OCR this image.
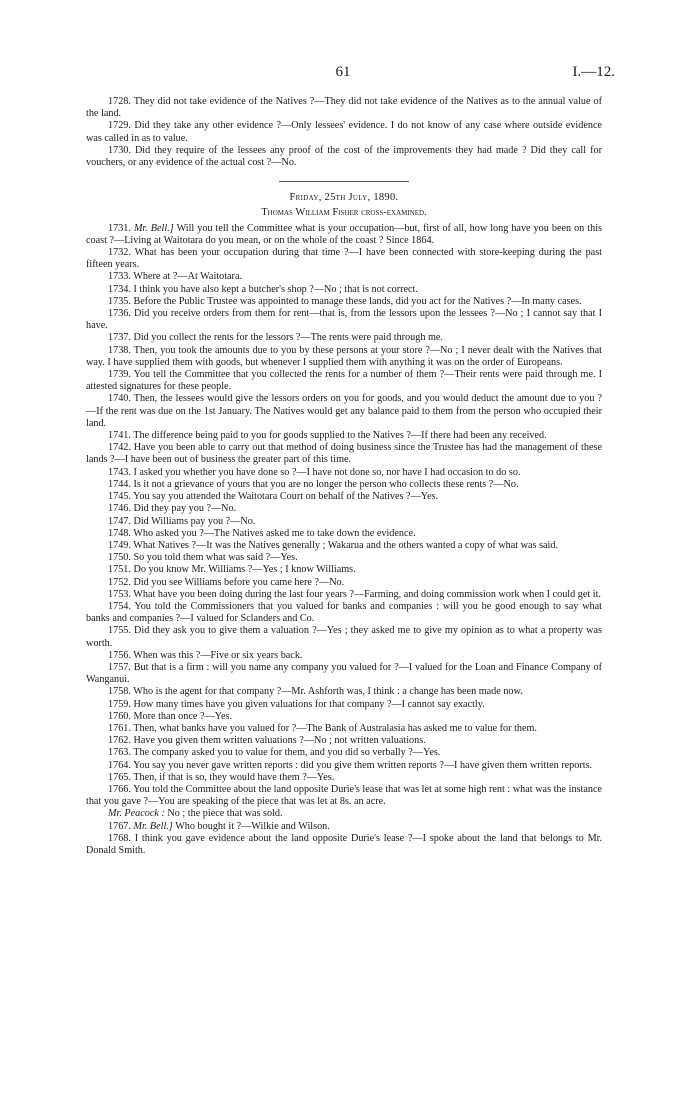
61	I.—12.

1728. They did not take evidence of the Natives ?—They did not take evidence of the Natives as to the annual value of the land.

1729. Did they take any other evidence ?—Only lessees' evidence. I do not know of any case where outside evidence was called in as to value.

1730. Did they require of the lessees any proof of the cost of the improvements they had made ? Did they call for vouchers, or any evidence of the actual cost ?—No.

Friday, 25th July, 1890.

Thomas William Fisher cross-examined.

1731. Mr. Bell.] Will you tell the Committee what is your occupation—but, first of all, how long have you been on this coast ?—Living at Waitotara do you mean, or on the whole of the coast ? Since 1864.

1732. What has been your occupation during that time ?—I have been connected with store-keeping during the past fifteen years.

1733. Where at ?—At Waitotara.

1734. I think you have also kept a butcher's shop ?—No ; that is not correct.

1735. Before the Public Trustee was appointed to manage these lands, did you act for the Natives ?—In many cases.

1736. Did you receive orders from them for rent—that is, from the lessors upon the lessees ?—No ; I cannot say that I have.

1737. Did you collect the rents for the lessors ?—The rents were paid through me.

1738. Then, you took the amounts due to you by these persons at your store ?—No ; I never dealt with the Natives that way. I have supplied them with goods, but whenever I supplied them with anything it was on the order of Europeans.

1739. You tell the Committee that you collected the rents for a number of them ?—Their rents were paid through me. I attested signatures for these people.

1740. Then, the lessees would give the lessors orders on you for goods, and you would deduct the amount due to you ?—If the rent was due on the 1st January. The Natives would get any balance paid to them from the person who occupied their land.

1741. The difference being paid to you for goods supplied to the Natives ?—If there had been any received.

1742. Have you been able to carry out that method of doing business since the Trustee has had the management of these lands ?—I have been out of business the greater part of this time.

1743. I asked you whether you have done so ?—I have not done so, nor have I had occasion to do so.

1744. Is it not a grievance of yours that you are no longer the person who collects these rents ?—No.

1745. You say you attended the Waitotara Court on behalf of the Natives ?—Yes.

1746. Did they pay you ?—No.

1747. Did Williams pay you ?—No.

1748. Who asked you ?—The Natives asked me to take down the evidence.

1749. What Natives ?—It was the Natives generally ; Wakarua and the others wanted a copy of what was said.

1750. So you told them what was said ?—Yes.

1751. Do you know Mr. Williams ?—Yes ; I know Williams.

1752. Did you see Williams before you came here ?—No.

1753. What have you been doing during the last four years ?—Farming, and doing commission work when I could get it.

1754. You told the Commissioners that you valued for banks and companies : will you be good enough to say what banks and companies ?—I valued for Sclanders and Co.

1755. Did they ask you to give them a valuation ?—Yes ; they asked me to give my opinion as to what a property was worth.

1756. When was this ?—Five or six years back.

1757. But that is a firm : will you name any company you valued for ?—I valued for the Loan and Finance Company of Wanganui.

1758. Who is the agent for that company ?—Mr. Ashforth was, I think : a change has been made now.

1759. How many times have you given valuations for that company ?—I cannot say exactly.

1760. More than once ?—Yes.

1761. Then, what banks have you valued for ?—The Bank of Australasia has asked me to value for them.

1762. Have you given them written valuations ?—No ; not written valuations.

1763. The company asked you to value for them, and you did so verbally ?—Yes.

1764. You say you never gave written reports : did you give them written reports ?—I have given them written reports.

1765. Then, if that is so, they would have them ?—Yes.

1766. You told the Committee about the land opposite Durie's lease that was let at some high rent : what was the instance that you gave ?—You are speaking of the piece that was let at 8s. an acre.

Mr. Peacock : No ; the piece that was sold.

1767. Mr. Bell.] Who bought it ?—Wilkie and Wilson.

1768. I think you gave evidence about the land opposite Durie's lease ?—I spoke about the land that belongs to Mr. Donald Smith.
